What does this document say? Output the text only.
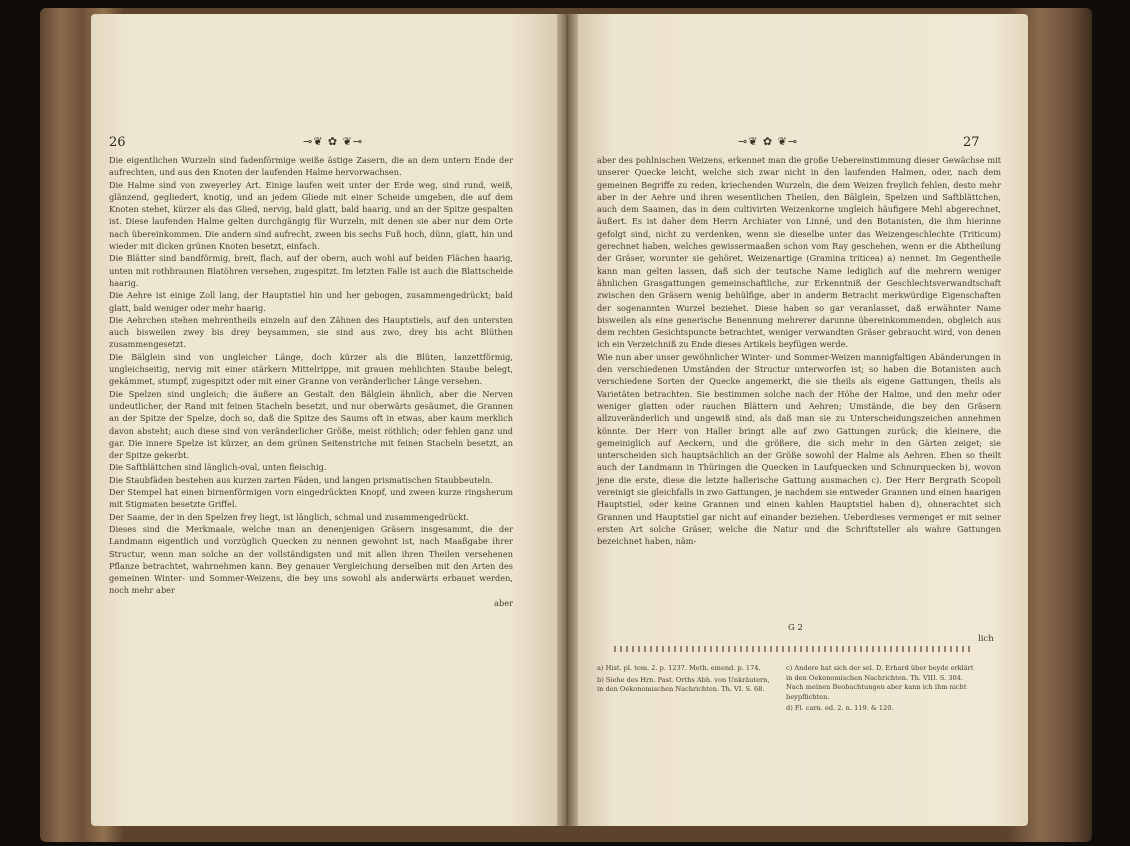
26	⊸❦ ✿ ❦⊸

Die eigentlichen Wurzeln sind fadenförmige weiße ästige Zasern, die an dem untern Ende der aufrechten, und aus den Knoten der laufenden Halme hervorwachsen.

Die Halme sind von zweyerley Art. Einige laufen weit unter der Erde weg, sind rund, weiß, glänzend, gegliedert, knotig, und an jedem Gliede mit einer Scheide umgeben, die auf dem Knoten stehet, kürzer als das Glied, nervig, bald glatt, bald haarig, und an der Spitze gespalten ist. Diese laufenden Halme gelten durchgängig für Wurzeln, mit denen sie aber nur dem Orte nach übereinkommen. Die andern sind aufrecht, zween bis sechs Fuß hoch, dünn, glatt, hin und wieder mit dicken grünen Knoten besetzt, einfach.

Die Blätter sind bandförmig, breit, flach, auf der obern, auch wohl auf beiden Flächen haarig, unten mit rothbraunen Blatöhren versehen, zugespitzt. Im letzten Falle ist auch die Blattscheide haarig.

Die Aehre ist einige Zoll lang, der Hauptstiel hin und her gebogen, zusammengedrückt; bald glatt, bald weniger oder mehr haarig.

Die Aehrchen stehen mehrentheils einzeln auf den Zähnen des Hauptstiels, auf den untersten auch bisweilen zwey bis drey beysammen, sie sind aus zwo, drey bis acht Blüthen zusammengesetzt.

Die Bälglein sind von ungleicher Länge, doch kürzer als die Blüten, lanzettförmig, ungleichseitig, nervig mit einer stärkern Mittelrippe, mit grauen mehlichten Staube belegt, gekämmet, stumpf, zugespitzt oder mit einer Granne von veränderlicher Länge versehen.

Die Spelzen sind ungleich; die äußere an Gestalt den Bälglein ähnlich, aber die Nerven undeutlicher, der Rand mit feinen Stacheln besetzt, und nur oberwärts gesäumet, die Grannen an der Spitze der Spelze, doch so, daß die Spitze des Saums oft in etwas, aber kaum merklich davon absteht; auch diese sind von veränderlicher Größe, meist röthlich; oder fehlen ganz und gar. Die innere Spelze ist kürzer, an dem grünen Seitenstriche mit feinen Stacheln besetzt, an der Spitze gekerbt.

Die Saftblättchen sind länglich-oval, unten fleischig.

Die Staubfäden bestehen aus kurzen zarten Fäden, und langen prismatischen Staubbeuteln.

Der Stempel hat einen birnenförmigen vorn eingedrückten Knopf, und zween kurze ringsherum mit Stigmaten besetzte Griffel.

Der Saame, der in den Spelzen frey liegt, ist länglich, schmal und zusammengedrückt.

Dieses sind die Merkmaale, welche man an denenjenigen Gräsern insgesammt, die der Landmann eigentlich und vorzüglich Quecken zu nennen gewohnt ist, nach Maaßgabe ihrer Structur, wenn man solche an der vollständigsten und mit allen ihren Theilen versehenen Pflanze betrachtet, wahrnehmen kann. Bey genauer Vergleichung derselben mit den Arten des gemeinen Winter- und Sommer-Weizens, die bey uns sowohl als anderwärts erbauet werden, noch mehr aber

aber

⊸❦ ✿ ❦⊸	27

aber des pohlnischen Weizens, erkennet man die große Uebereinstimmung dieser Gewächse mit unserer Quecke leicht, welche sich zwar nicht in den laufenden Halmen, oder, nach dem gemeinen Begriffe zu reden, kriechenden Wurzeln, die dem Weizen freylich fehlen, desto mehr aber in der Aehre und ihren wesentlichen Theilen, den Bälglein, Spelzen und Saftblättchen, auch dem Saamen, das in dem cultivirten Weizenkorne ungleich häufigere Mehl abgerechnet, äußert. Es ist daher dem Herrn Archiater von Linné, und den Botanisten, die ihm hierinne gefolgt sind, nicht zu verdenken, wenn sie dieselbe unter das Weizengeschlechte (Triticum) gerechnet haben, welches gewissermaaßen schon vom Ray geschehen, wenn er die Abtheilung der Gräser, worunter sie gehöret, Weizenartige (Gramina triticea) a) nennet. Im Gegentheile kann man gelten lassen, daß sich der teutsche Name lediglich auf die mehrern weniger ähnlichen Grasgattungen gemeinschaftliche, zur Erkenntniß der Geschlechtsverwandtschaft zwischen den Gräsern wenig behülfige, aber in anderm Betracht merkwürdige Eigenschaften der sogenannten Wurzel beziehet. Diese haben so gar veranlasset, daß erwähnter Name bisweilen als eine generische Benennung mehrerer darunne übereinkommenden, obgleich aus dem rechten Gesichtspuncte betrachtet, weniger verwandten Gräser gebraucht wird, von denen ich ein Verzeichniß zu Ende dieses Artikels beyfügen werde.

Wie nun aber unser gewöhnlicher Winter- und Sommer-Weizen mannigfaltigen Abänderungen in den verschiedenen Umständen der Structur unterworfen ist; so haben die Botanisten auch verschiedene Sorten der Quecke angemerkt, die sie theils als eigene Gattungen, theils als Varietäten betrachten. Sie bestimmen solche nach der Höhe der Halme, und den mehr oder weniger glatten oder rauchen Blättern und Aehren; Umstände, die bey den Gräsern allzuveränderlich und ungewiß sind, als daß man sie zu Unterscheidungszeichen annehmen könnte. Der Herr von Haller bringt alle auf zwo Gattungen zurück; die kleinere, die gemeiniglich auf Aeckern, und die größere, die sich mehr in den Gärten zeiget; sie unterscheiden sich hauptsächlich an der Größe sowohl der Halme als Aehren. Eben so theilt auch der Landmann in Thüringen die Quecken in Laufquecken und Schnurquecken b), wovon jene die erste, diese die letzte hallerische Gattung ausmachen c). Der Herr Bergrath Scopoli vereinigt sie gleichfalls in zwo Gattungen, je nachdem sie entweder Grannen und einen haarigen Hauptstiel, oder keine Grannen und einen kahlen Hauptstiel haben d), ohnerachtet sich Grannen und Hauptstiel gar nicht auf einander beziehen. Ueberdieses vermenget er mit seiner ersten Art solche Gräser, welche die Natur und die Schriftsteller als wahre Gattungen bezeichnet haben, näm-

G 2
lich

a) Hist. pl. tom. 2. p. 1237. Meth. emend. p. 174.

b) Siehe des Hrn. Past. Orths Abh. von Unkräutern, in den Oekonomischen Nachrichten. Th. VI. S. 68.

c) Andere hat sich der sel. D. Erhard über beyde erklärt in den Oekonomischen Nachrichten. Th. VIII. S. 304. Nach meinen Beobachtungen aber kann ich ihm nicht beypflichten.

d) Fl. carn. ed. 2. n. 119. & 120.
